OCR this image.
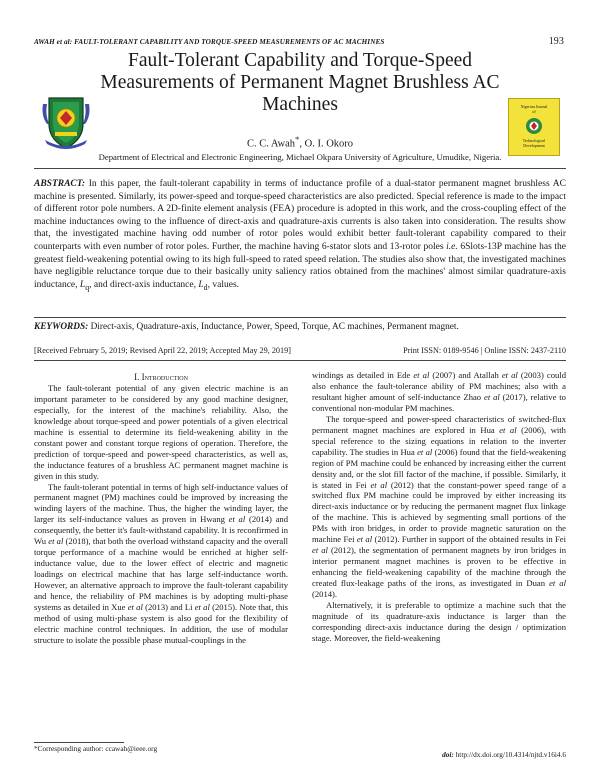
AWAH et al: FAULT-TOLERANT CAPABILITY AND TORQUE-SPEED MEASUREMENTS OF AC MACHINES	193
Fault-Tolerant Capability and Torque-Speed
Measurements of Permanent Magnet Brushless AC
Machines	Nigerian Journal
of
Technological
Development
C. C. Awah*, O. I. Okoro
Department of Electrical and Electronic Engineering, Michael Okpara University of Agriculture, Umudike, Nigeria.
ABSTRACT: In this paper, the fault-tolerant capability in terms of inductance profile of a dual-stator permanent magnet brushless AC machine is presented. Similarly, its power-speed and torque-speed characteristics are also predicted. Special reference is made to the impact of different rotor pole numbers. A 2D-finite element analysis (FEA) procedure is adopted in this work, and the cross-coupling effect of the machine inductances owing to the influence of direct-axis and quadrature-axis currents is also taken into consideration. The results show that, the investigated machine having odd number of rotor poles would exhibit better fault-tolerant capability compared to their counterparts with even number of rotor poles. Further, the machine having 6-stator slots and 13-rotor poles i.e. 6Slots-13P machine has the greatest field-weakening potential owing to its high full-speed to rated speed relation. The studies also show that, the investigated machines have negligible reluctance torque due to their basically unity saliency ratios obtained from the machines' almost similar quadrature-axis inductance, $L_q$, and direct-axis inductance, $L_d$, values.
KEYWORDS: Direct-axis, Quadrature-axis, Inductance, Power, Speed, Torque, AC machines, Permanent magnet.
[Received February 5, 2019; Revised April 22, 2019; Accepted May 29, 2019]	Print ISSN: 0189-9546 | Online ISSN: 2437-2110

I. Introduction

The fault-tolerant potential of any given electric machine is an important parameter to be considered by any good machine designer, especially, for the interest of the machine's reliability. Also, the knowledge about torque-speed and power potentials of a given electrical machine is essential to determine its field-weakening ability in the constant power and constant torque regions of operation. Therefore, the prediction of torque-speed and power-speed characteristics, as well as, the inductance features of a brushless AC permanent magnet machine is given in this study.

The fault-tolerant potential in terms of high self-inductance values of permanent magnet (PM) machines could be improved by increasing the winding layers of the machine. Thus, the higher the winding layer, the larger its self-inductance values as proven in Hwang et al (2014) and consequently, the better it's fault-withstand capability. It is reconfirmed in Wu et al (2018), that both the overload withstand capacity and the overall torque performance of a machine would be enriched at higher self-inductance value, due to the lower effect of electric and magnetic loadings on electrical machine that has large self-inductance worth. However, an alternative approach to improve the fault-tolerant capability and hence, the reliability of PM machines is by adopting multi-phase systems as detailed in Xue et al (2013) and Li et al (2015). Note that, this method of using multi-phase system is also good for the flexibility of electric machine control techniques. In addition, the use of modular structure to isolate the possible phase mutual-couplings in the

windings as detailed in Ede et al (2007) and Atallah et al (2003) could also enhance the fault-tolerance ability of PM machines; also with a resultant higher amount of self-inductance Zhao et al (2017), relative to conventional non-modular PM machines.

The torque-speed and power-speed characteristics of switched-flux permanent magnet machines are explored in Hua et al (2006), with special reference to the sizing equations in relation to the inverter capability. The studies in Hua et al (2006) found that the field-weakening region of PM machine could be enhanced by increasing either the current density and, or the slot fill factor of the machine, if possible. Similarly, it is stated in Fei et al (2012) that the constant-power speed range of a switched flux PM machine could be improved by either increasing its direct-axis inductance or by reducing the permanent magnet flux linkage of the machine. This is achieved by segmenting small portions of the PMs with iron bridges, in order to provide magnetic saturation on the machine Fei et al (2012). Further in support of the obtained results in Fei et al (2012), the segmentation of permanent magnets by iron bridges in interior permanent magnet machines is proven to be effective in enhancing the field-weakening capability of the machine through the created flux-leakage paths of the irons, as investigated in Duan et al (2014).

Alternatively, it is preferable to optimize a machine such that the magnitude of its quadrature-axis inductance is larger than the corresponding direct-axis inductance during the design / optimization stage. Moreover, the field-weakening

*Corresponding author: ccawah@ieee.org
doi: http://dx.doi.org/10.4314/njtd.v16i4.6
